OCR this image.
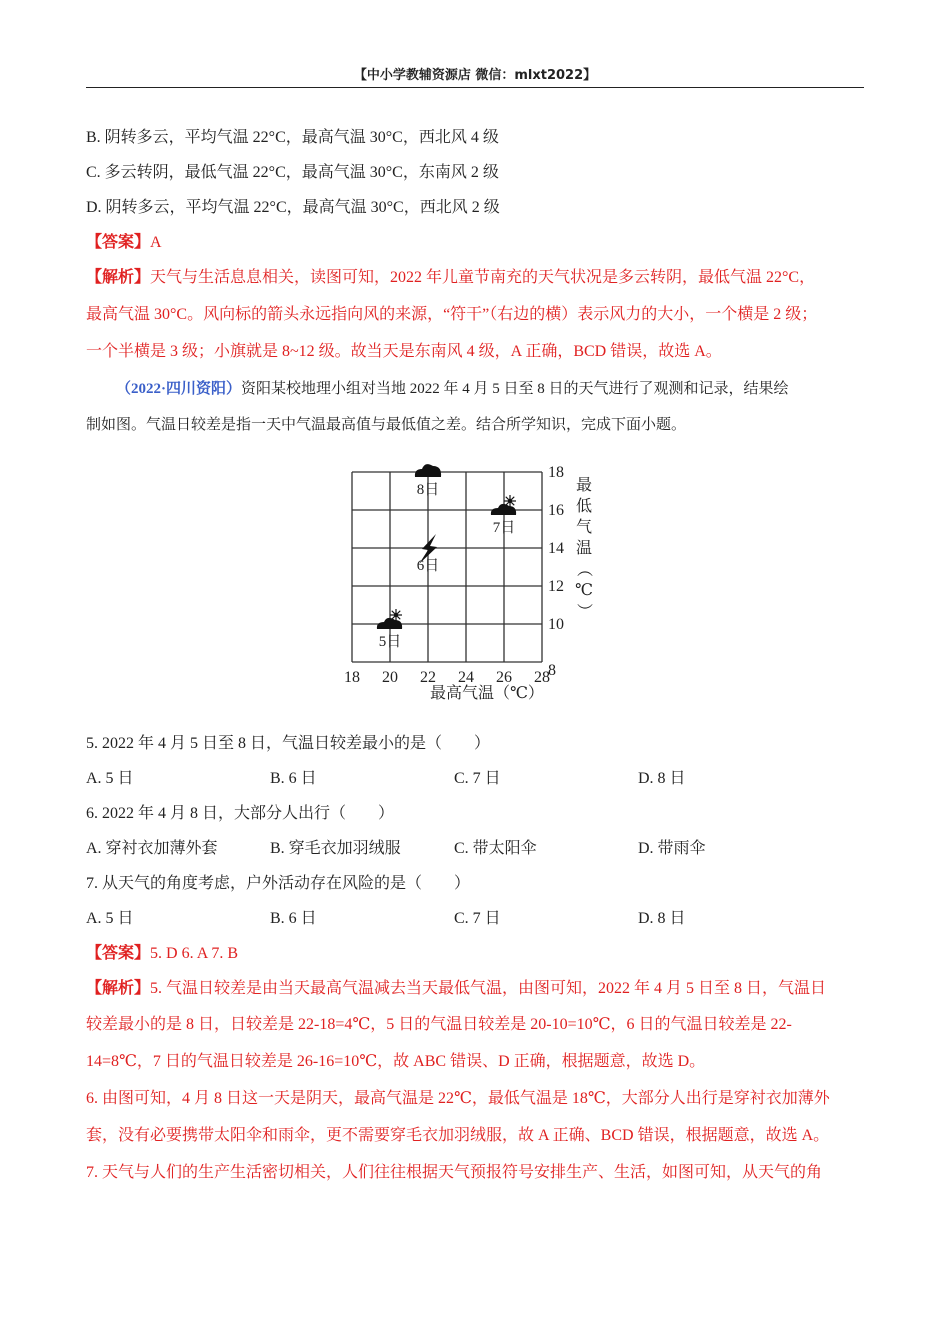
【中小学教辅资源店 微信：mlxt2022】
B. 阴转多云，平均气温 22°C，最高气温 30°C，西北风 4 级
C. 多云转阴，最低气温 22°C，最高气温 30°C，东南风 2 级
D. 阴转多云，平均气温 22°C，最高气温 30°C，西北风 2 级
【答案】A
【解析】天气与生活息息相关，读图可知，2022 年儿童节南充的天气状况是多云转阴，最低气温 22°C，
最高气温 30°C。风向标的箭头永远指向风的来源，“符干”（右边的横）表示风力的大小，一个横是 2 级；
一个半横是 3 级；小旗就是 8~12 级。故当天是东南风 4 级，A 正确，BCD 错误，故选 A。
（2022·四川资阳）资阳某校地理小组对当地 2022 年 4 月 5 日至 8 日的天气进行了观测和记录，结果绘
制如图。气温日较差是指一天中气温最高值与最低值之差。结合所学知识，完成下面小题。
18 20 22 24 26 28
18
16
14
12
10
8
5日
6日
7日
8日
最高气温（℃）
最
低
气
温
（
℃
）
5. 2022 年 4 月 5 日至 8 日，气温日较差最小的是（　　）
A. 5 日	B. 6 日	C. 7 日	D. 8 日
6. 2022 年 4 月 8 日，大部分人出行（　　）
A. 穿衬衣加薄外套	B. 穿毛衣加羽绒服	C. 带太阳伞	D. 带雨伞
7. 从天气的角度考虑，户外活动存在风险的是（　　）
A. 5 日	B. 6 日	C. 7 日	D. 8 日
【答案】5. D 6. A 7. B
【解析】5. 气温日较差是由当天最高气温减去当天最低气温，由图可知，2022 年 4 月 5 日至 8 日，气温日
较差最小的是 8 日，日较差是 22-18=4℃，5 日的气温日较差是 20-10=10℃，6 日的气温日较差是 22-
14=8℃，7 日的气温日较差是 26-16=10℃，故 ABC 错误、D 正确，根据题意，故选 D。
6. 由图可知，4 月 8 日这一天是阴天，最高气温是 22℃，最低气温是 18℃，大部分人出行是穿衬衣加薄外
套，没有必要携带太阳伞和雨伞，更不需要穿毛衣加羽绒服，故 A 正确、BCD 错误，根据题意，故选 A。
7. 天气与人们的生产生活密切相关，人们往往根据天气预报符号安排生产、生活，如图可知，从天气的角
